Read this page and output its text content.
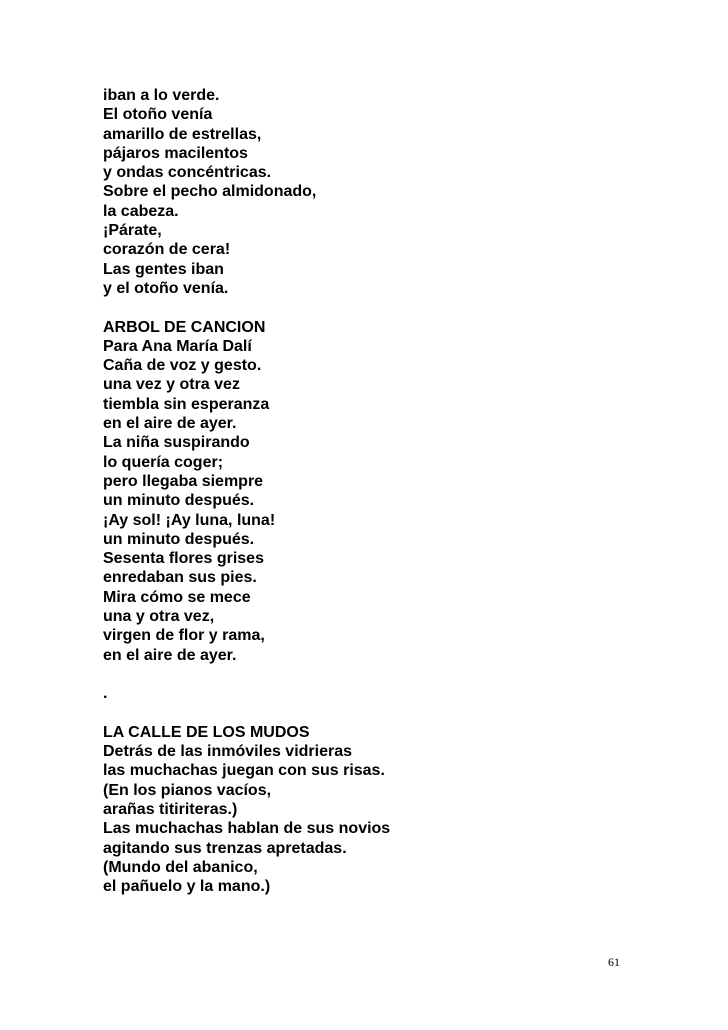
iban a lo verde.
El otoño venía
amarillo de estrellas,
pájaros macilentos
y ondas concéntricas.
Sobre el pecho almidonado,
la cabeza.
¡Párate,
corazón de cera!
Las gentes iban
y el otoño venía.
ARBOL DE CANCION
Para Ana María Dalí
Caña de voz y gesto.
una vez y otra vez
tiembla sin esperanza
en el aire de ayer.
La niña suspirando
lo quería coger;
pero llegaba siempre
un minuto después.
¡Ay sol! ¡Ay luna, luna!
un minuto después.
Sesenta flores grises
enredaban sus pies.
Mira cómo se mece
una y otra vez,
virgen de flor y rama,
en el aire de ayer.
.
LA CALLE DE LOS MUDOS
Detrás de las inmóviles vidrieras
las muchachas juegan con sus risas.
(En los pianos vacíos,
arañas titiriteras.)
Las muchachas hablan de sus novios
agitando sus trenzas apretadas.
(Mundo del abanico,
el pañuelo y la mano.)
61
